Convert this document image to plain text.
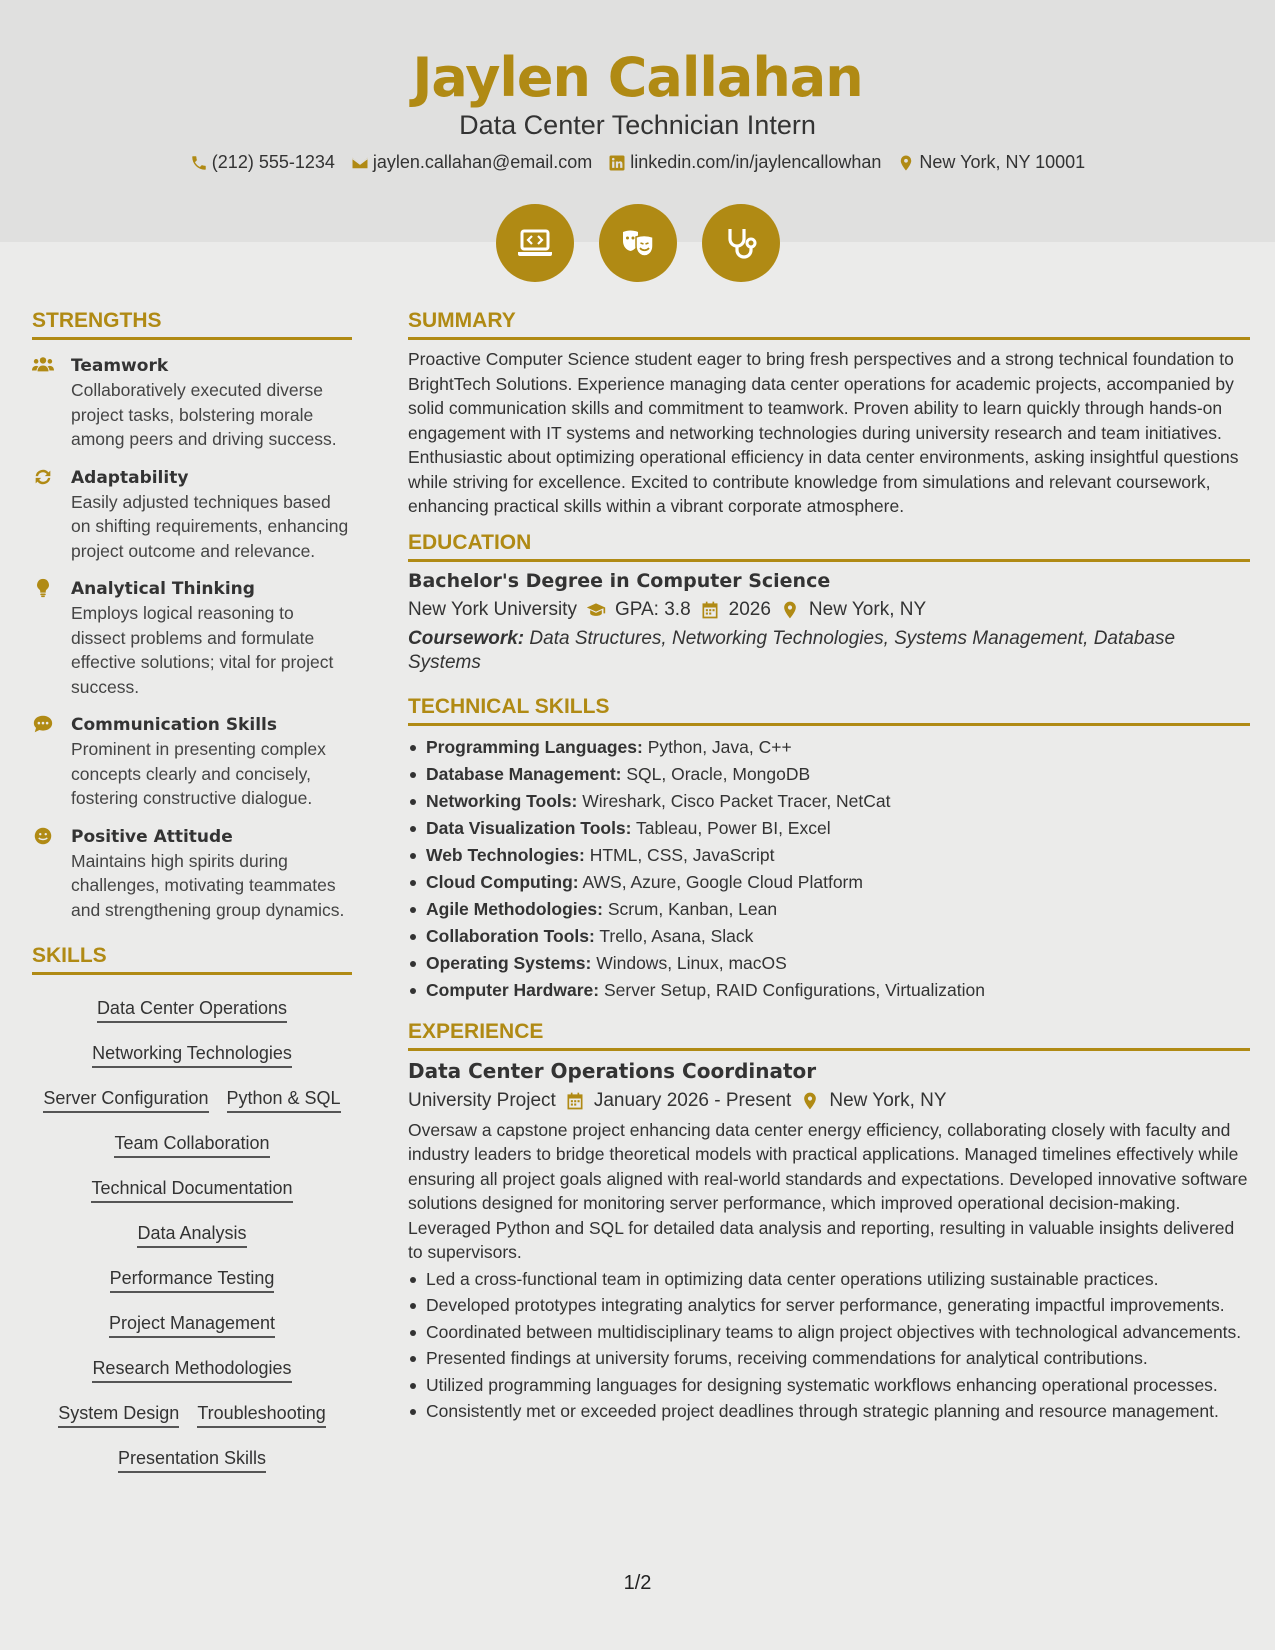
Jaylen Callahan
Data Center Technician Intern
(212) 555-1234 jaylen.callahan@email.com linkedin.com/in/jaylencallowhan New York, NY 10001
STRENGTHS
Teamwork
Collaboratively executed diverse project tasks, bolstering morale among peers and driving success.
Adaptability
Easily adjusted techniques based on shifting requirements, enhancing project outcome and relevance.
Analytical Thinking
Employs logical reasoning to dissect problems and formulate effective solutions; vital for project success.
Communication Skills
Prominent in presenting complex concepts clearly and concisely, fostering constructive dialogue.
Positive Attitude
Maintains high spirits during challenges, motivating teammates and strengthening group dynamics.
SKILLS
Data Center Operations
Networking Technologies
Server Configuration Python & SQL
Team Collaboration
Technical Documentation
Data Analysis
Performance Testing
Project Management
Research Methodologies
System Design Troubleshooting
Presentation Skills
SUMMARY
Proactive Computer Science student eager to bring fresh perspectives and a strong technical foundation to BrightTech Solutions. Experience managing data center operations for academic projects, accompanied by solid communication skills and commitment to teamwork. Proven ability to learn quickly through hands-on engagement with IT systems and networking technologies during university research and team initiatives. Enthusiastic about optimizing operational efficiency in data center environments, asking insightful questions while striving for excellence. Excited to contribute knowledge from simulations and relevant coursework, enhancing practical skills within a vibrant corporate atmosphere.
EDUCATION
Bachelor's Degree in Computer Science
New York University GPA: 3.8 2026 New York, NY
Coursework: Data Structures, Networking Technologies, Systems Management, Database Systems
TECHNICAL SKILLS
Programming Languages: Python, Java, C++
Database Management: SQL, Oracle, MongoDB
Networking Tools: Wireshark, Cisco Packet Tracer, NetCat
Data Visualization Tools: Tableau, Power BI, Excel
Web Technologies: HTML, CSS, JavaScript
Cloud Computing: AWS, Azure, Google Cloud Platform
Agile Methodologies: Scrum, Kanban, Lean
Collaboration Tools: Trello, Asana, Slack
Operating Systems: Windows, Linux, macOS
Computer Hardware: Server Setup, RAID Configurations, Virtualization
EXPERIENCE
Data Center Operations Coordinator
University Project January 2026 - Present New York, NY
Oversaw a capstone project enhancing data center energy efficiency, collaborating closely with faculty and industry leaders to bridge theoretical models with practical applications. Managed timelines effectively while ensuring all project goals aligned with real-world standards and expectations. Developed innovative software solutions designed for monitoring server performance, which improved operational decision-making. Leveraged Python and SQL for detailed data analysis and reporting, resulting in valuable insights delivered to supervisors.
Led a cross-functional team in optimizing data center operations utilizing sustainable practices.
Developed prototypes integrating analytics for server performance, generating impactful improvements.
Coordinated between multidisciplinary teams to align project objectives with technological advancements.
Presented findings at university forums, receiving commendations for analytical contributions.
Utilized programming languages for designing systematic workflows enhancing operational processes.
Consistently met or exceeded project deadlines through strategic planning and resource management.
1/2
